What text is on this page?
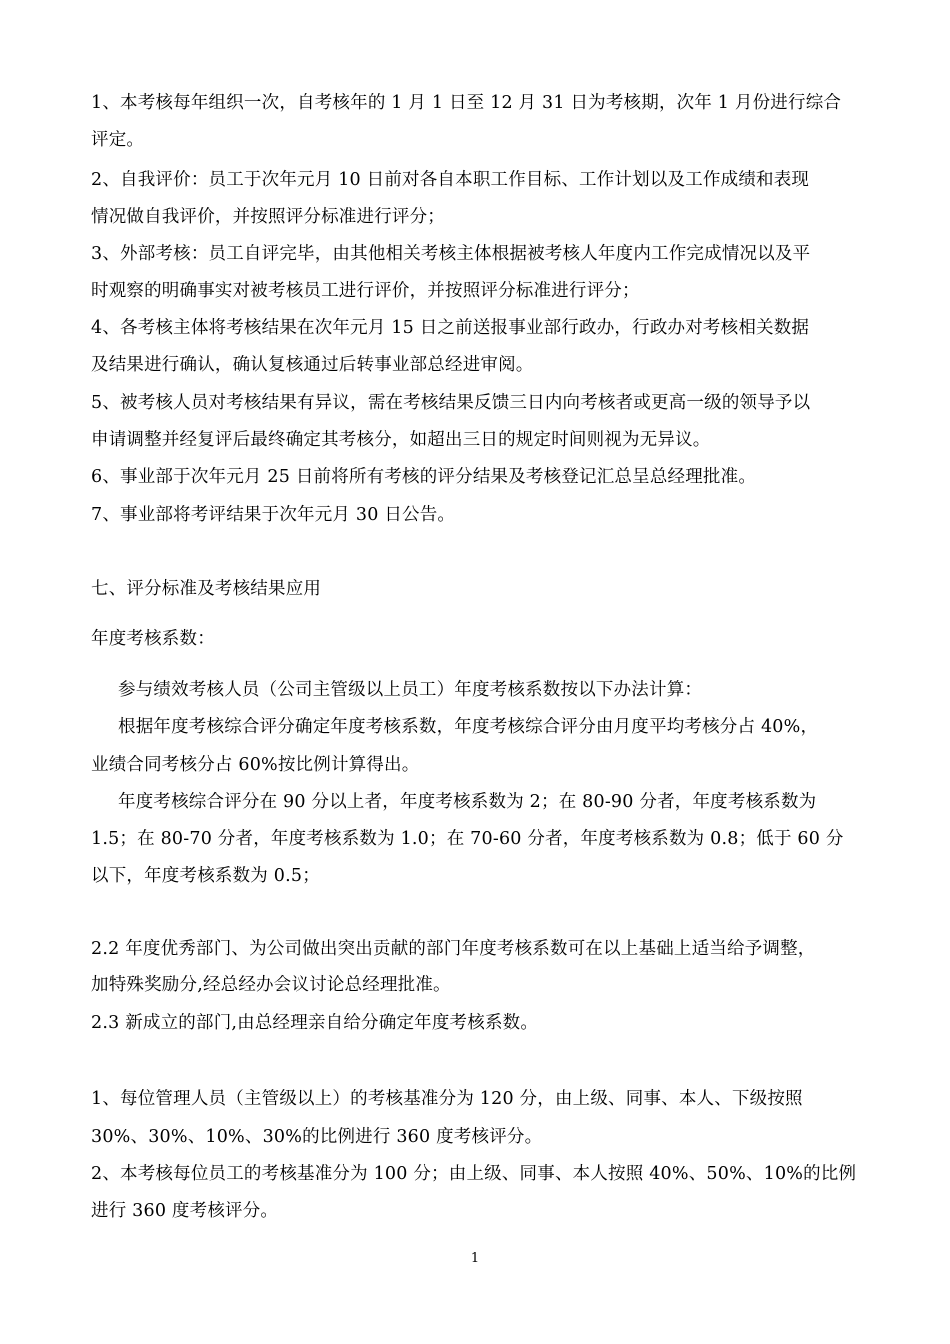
1、本考核每年组织一次，自考核年的 1 月 1 日至 12 月 31 日为考核期，次年 1 月份进行综合
评定。
2、自我评价：员工于次年元月 10 日前对各自本职工作目标、工作计划以及工作成绩和表现
情况做自我评价，并按照评分标准进行评分；
3、外部考核：员工自评完毕，由其他相关考核主体根据被考核人年度内工作完成情况以及平
时观察的明确事实对被考核员工进行评价，并按照评分标准进行评分；
4、各考核主体将考核结果在次年元月 15 日之前送报事业部行政办，行政办对考核相关数据
及结果进行确认，确认复核通过后转事业部总经进审阅。
5、被考核人员对考核结果有异议，需在考核结果反馈三日内向考核者或更高一级的领导予以
申请调整并经复评后最终确定其考核分，如超出三日的规定时间则视为无异议。
6、事业部于次年元月 25 日前将所有考核的评分结果及考核登记汇总呈总经理批准。
7、事业部将考评结果于次年元月 30 日公告。
七、评分标准及考核结果应用
年度考核系数：
参与绩效考核人员（公司主管级以上员工）年度考核系数按以下办法计算：
根据年度考核综合评分确定年度考核系数，年度考核综合评分由月度平均考核分占 40%，
业绩合同考核分占 60%按比例计算得出。
年度考核综合评分在 90 分以上者，年度考核系数为 2；在 80-90 分者，年度考核系数为
1.5；在 80-70 分者，年度考核系数为 1.0；在 70-60 分者，年度考核系数为 0.8；低于 60 分
以下，年度考核系数为 0.5；
2.2 年度优秀部门、为公司做出突出贡献的部门年度考核系数可在以上基础上适当给予调整，
加特殊奖励分,经总经办会议讨论总经理批准。
2.3 新成立的部门,由总经理亲自给分确定年度考核系数。
1、每位管理人员（主管级以上）的考核基准分为 120 分，由上级、同事、本人、下级按照
30%、30%、10%、30%的比例进行 360 度考核评分。
2、本考核每位员工的考核基准分为 100 分；由上级、同事、本人按照 40%、50%、10%的比例
进行 360 度考核评分。
1
